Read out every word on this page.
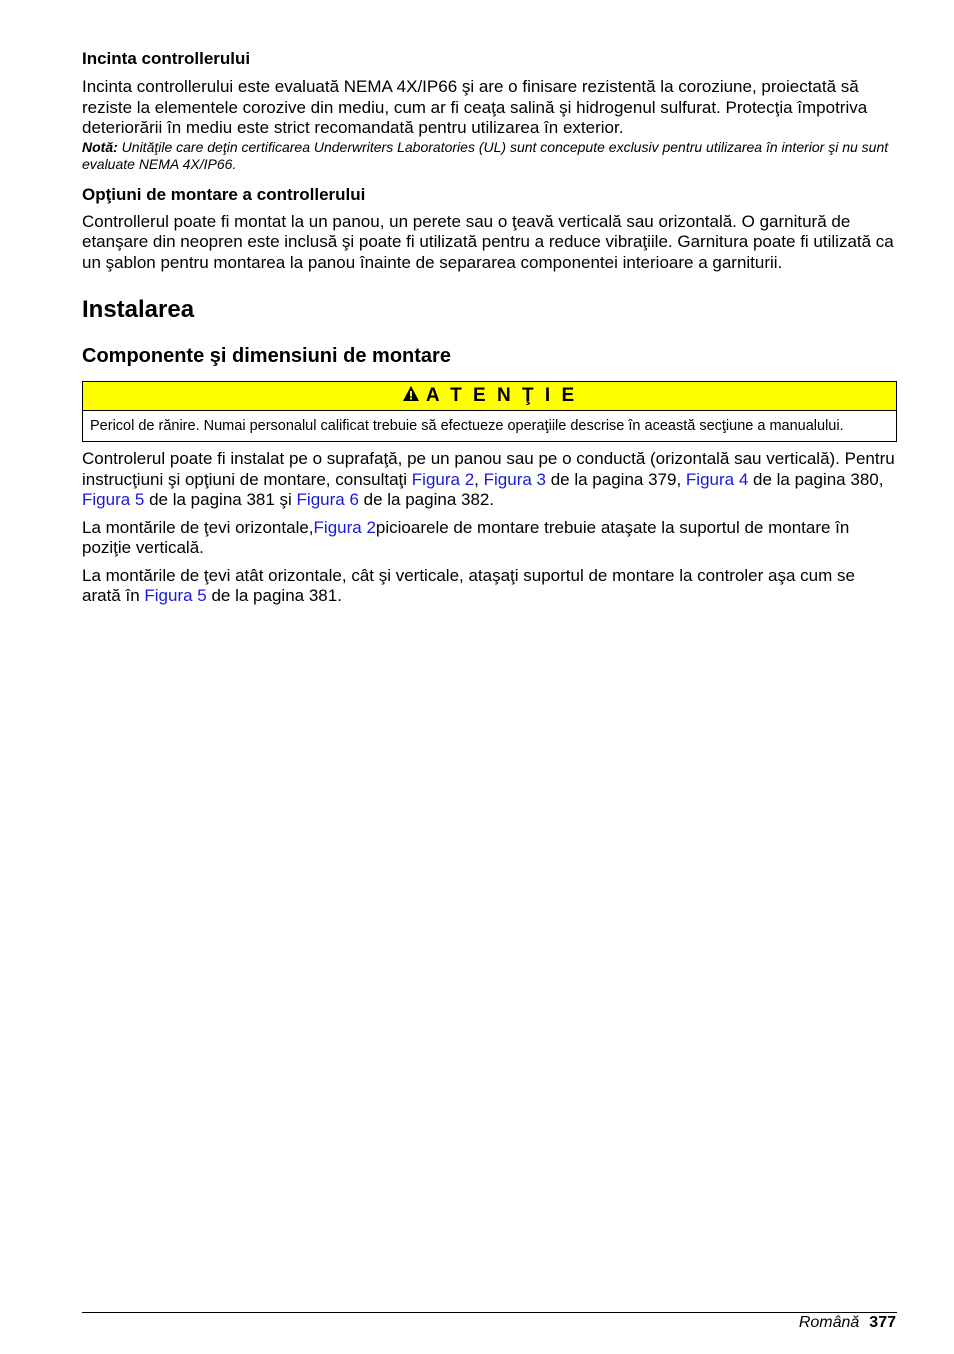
Incinta controllerului

Incinta controllerului este evaluată NEMA 4X/IP66 şi are o finisare rezistentă la coroziune, proiectată să reziste la elementele corozive din mediu, cum ar fi ceaţa salină şi hidrogenul sulfurat. Protecţia împotriva deteriorării în mediu este strict recomandată pentru utilizarea în exterior.

Notă: Unităţile care deţin certificarea Underwriters Laboratories (UL) sunt concepute exclusiv pentru utilizarea în interior şi nu sunt evaluate NEMA 4X/IP66.

Opţiuni de montare a controllerului

Controllerul poate fi montat la un panou, un perete sau o ţeavă verticală sau orizontală. O garnitură de etanşare din neopren este inclusă şi poate fi utilizată pentru a reduce vibraţiile. Garnitura poate fi utilizată ca un şablon pentru montarea la panou înainte de separarea componentei interioare a garniturii.

Instalarea
Componente şi dimensiuni de montare
A T E N Ţ I E
Pericol de rănire. Numai personalul calificat trebuie să efectueze operaţiile descrise în această secţiune a manualului.

Controlerul poate fi instalat pe o suprafaţă, pe un panou sau pe o conductă (orizontală sau verticală). Pentru instrucţiuni şi opţiuni de montare, consultaţi Figura 2, Figura 3 de la pagina 379, Figura 4 de la pagina 380, Figura 5 de la pagina 381 şi Figura 6 de la pagina 382.

La montările de ţevi orizontale,Figura 2picioarele de montare trebuie ataşate la suportul de montare în poziţie verticală.

La montările de ţevi atât orizontale, cât şi verticale, ataşaţi suportul de montare la controler aşa cum se arată în Figura 5 de la pagina 381.

Română 377
